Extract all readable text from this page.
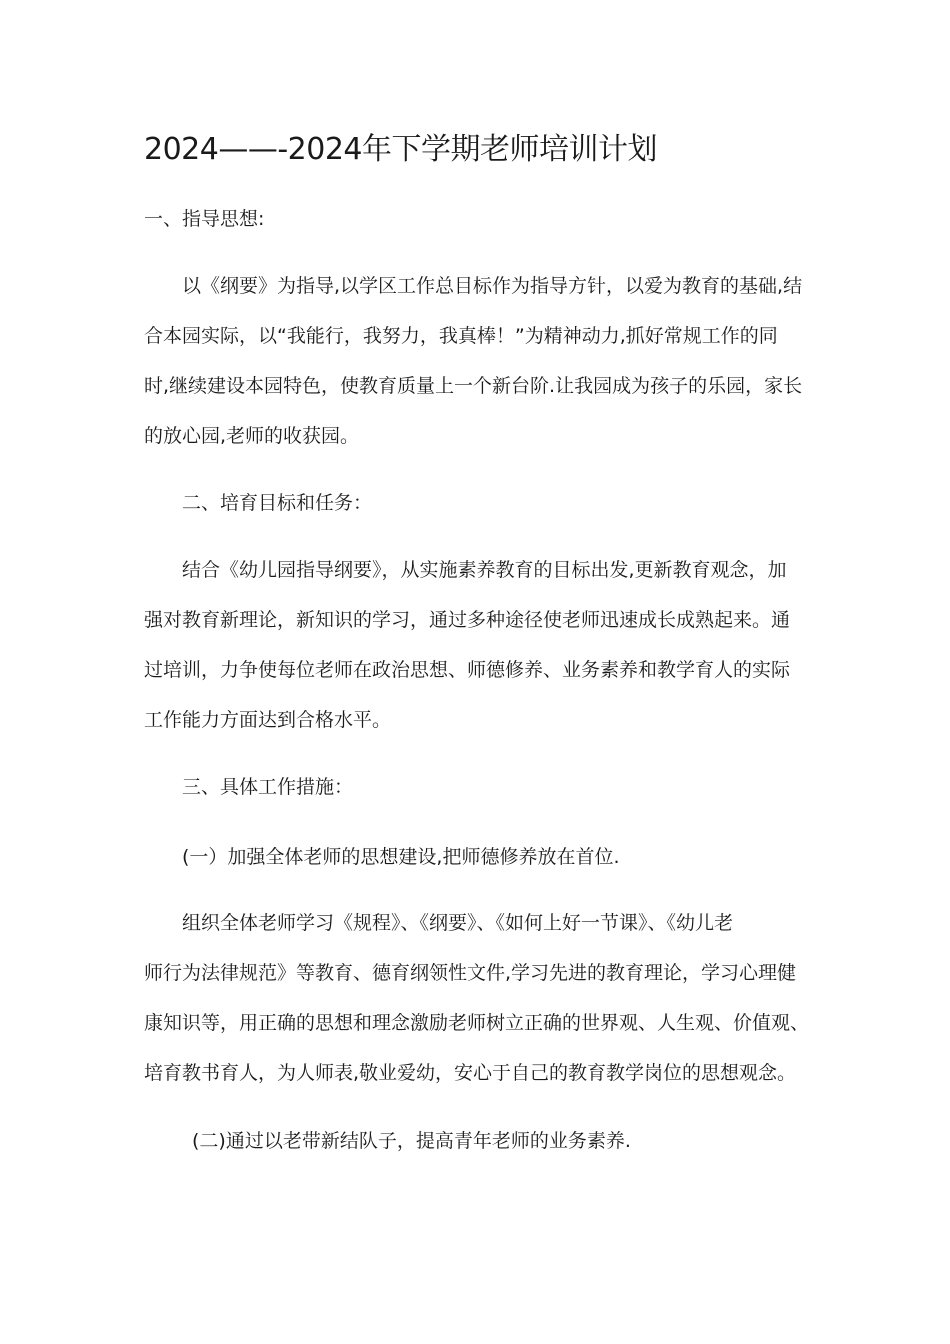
2024——-2024年下学期老师培训计划
一、指导思想:
以《纲要》为指导,以学区工作总目标作为指导方针，以爱为教育的基础,结
合本园实际，以“我能行，我努力，我真棒！”为精神动力,抓好常规工作的同
时,继续建设本园特色，使教育质量上一个新台阶.让我园成为孩子的乐园，家长
的放心园,老师的收获园。
二、培育目标和任务：
结合《幼儿园指导纲要》，从实施素养教育的目标出发,更新教育观念，加
强对教育新理论，新知识的学习，通过多种途径使老师迅速成长成熟起来。通
过培训，力争使每位老师在政治思想、师德修养、业务素养和教学育人的实际
工作能力方面达到合格水平。
三、具体工作措施：
(一）加强全体老师的思想建设,把师德修养放在首位.
组织全体老师学习《规程》、《纲要》、《如何上好一节课》、《幼儿老
师行为法律规范》等教育、德育纲领性文件,学习先进的教育理论，学习心理健
康知识等，用正确的思想和理念激励老师树立正确的世界观、人生观、价值观、
培育教书育人，为人师表,敬业爱幼，安心于自己的教育教学岗位的思想观念。
(二)通过以老带新结队子，提高青年老师的业务素养.
